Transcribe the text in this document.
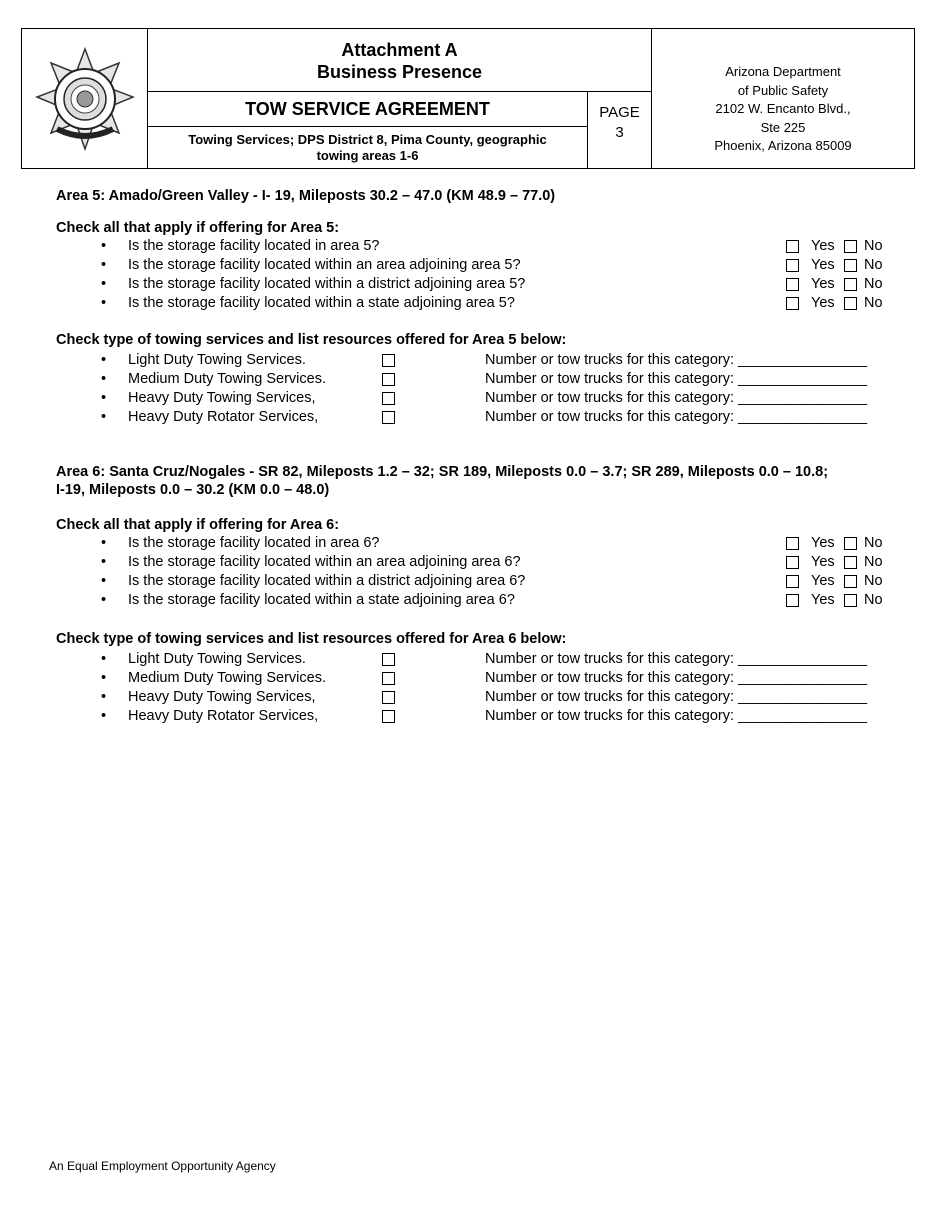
Attachment A
Business Presence
TOW SERVICE AGREEMENT
Towing Services; DPS District 8, Pima County, geographic
towing areas 1-6
PAGE
3
Arizona Department
of Public Safety
2102 W. Encanto Blvd.,
Ste 225
Phoenix, Arizona 85009
Area 5: Amado/Green Valley - I- 19, Mileposts 30.2 – 47.0 (KM 48.9 – 77.0)
Check all that apply if offering for Area 5:
• Is the storage facility located in area 5?	Yes No
• Is the storage facility located within an area adjoining area 5?	Yes No
• Is the storage facility located within a district adjoining area 5?	Yes No
• Is the storage facility located within a state adjoining area 5?	Yes No
Check type of towing services and list resources offered for Area 5 below:
• Light Duty Towing Services.	Number or tow trucks for this category: ________________
• Medium Duty Towing Services.	Number or tow trucks for this category: ________________
• Heavy Duty Towing Services,	Number or tow trucks for this category: ________________
• Heavy Duty Rotator Services,	Number or tow trucks for this category: ________________
Area 6: Santa Cruz/Nogales - SR 82, Mileposts 1.2 – 32; SR 189, Mileposts 0.0 – 3.7; SR 289, Mileposts 0.0 – 10.8;
I-19, Mileposts 0.0 – 30.2 (KM 0.0 – 48.0)
Check all that apply if offering for Area 6:
• Is the storage facility located in area 6?	Yes No
• Is the storage facility located within an area adjoining area 6?	Yes No
• Is the storage facility located within a district adjoining area 6?	Yes No
• Is the storage facility located within a state adjoining area 6?	Yes No
Check type of towing services and list resources offered for Area 6 below:
• Light Duty Towing Services.	Number or tow trucks for this category: ________________
• Medium Duty Towing Services.	Number or tow trucks for this category: ________________
• Heavy Duty Towing Services,	Number or tow trucks for this category: ________________
• Heavy Duty Rotator Services,	Number or tow trucks for this category: ________________
An Equal Employment Opportunity Agency
